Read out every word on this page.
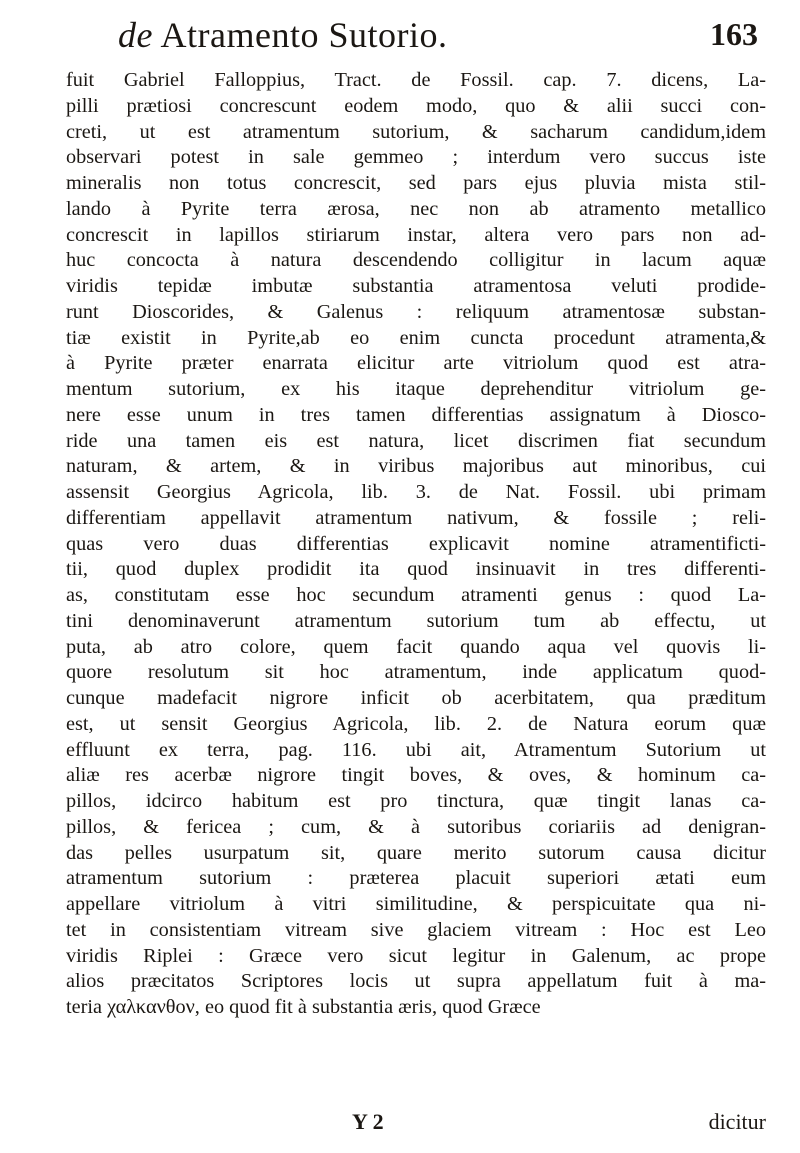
de Atramento Sutorio.	163
fuit Gabriel Falloppius, Tract. de Fossil. cap. 7. dicens, La-
pilli prætiosi concrescunt eodem modo, quo & alii succi con-
creti, ut est atramentum sutorium, & sacharum candidum,idem
observari potest in sale gemmeo ; interdum vero succus iste
mineralis non totus concrescit, sed pars ejus pluvia mista stil-
lando à Pyrite terra ærosa, nec non ab atramento metallico
concrescit in lapillos stiriarum instar, altera vero pars non ad-
huc concocta à natura descendendo colligitur in lacum aquæ
viridis tepidæ imbutæ substantia atramentosa veluti prodide-
runt Dioscorides, & Galenus : reliquum atramentosæ substan-
tiæ existit in Pyrite,ab eo enim cuncta procedunt atramenta,&
à Pyrite præter enarrata elicitur arte vitriolum quod est atra-
mentum sutorium, ex his itaque deprehenditur vitriolum ge-
nere esse unum in tres tamen differentias assignatum à Diosco-
ride una tamen eis est natura, licet discrimen fiat secundum
naturam, & artem, & in viribus majoribus aut minoribus, cui
assensit Georgius Agricola, lib. 3. de Nat. Fossil. ubi primam
differentiam appellavit atramentum nativum, & fossile ; reli-
quas vero duas differentias explicavit nomine atramentificti-
tii, quod duplex prodidit ita quod insinuavit in tres differenti-
as, constitutam esse hoc secundum atramenti genus : quod La-
tini denominaverunt atramentum sutorium tum ab effectu, ut
puta, ab atro colore, quem facit quando aqua vel quovis li-
quore resolutum sit hoc atramentum, inde applicatum quod-
cunque madefacit nigrore inficit ob acerbitatem, qua præditum
est, ut sensit Georgius Agricola, lib. 2. de Natura eorum quæ
effluunt ex terra, pag. 116. ubi ait, Atramentum Sutorium ut
aliæ res acerbæ nigrore tingit boves, & oves, & hominum ca-
pillos, idcirco habitum est pro tinctura, quæ tingit lanas ca-
pillos, & fericea ; cum, & à sutoribus coriariis ad denigran-
das pelles usurpatum sit, quare merito sutorum causa dicitur
atramentum sutorium : præterea placuit superiori ætati eum
appellare vitriolum à vitri similitudine, & perspicuitate qua ni-
tet in consistentiam vitream sive glaciem vitream : Hoc est Leo
viridis Riplei : Græce vero sicut legitur in Galenum, ac prope
alios præcitatos Scriptores locis ut supra appellatum fuit à ma-
teria χαλκανθον, eo quod fit à substantia æris, quod Græce
Y 2	dicitur
